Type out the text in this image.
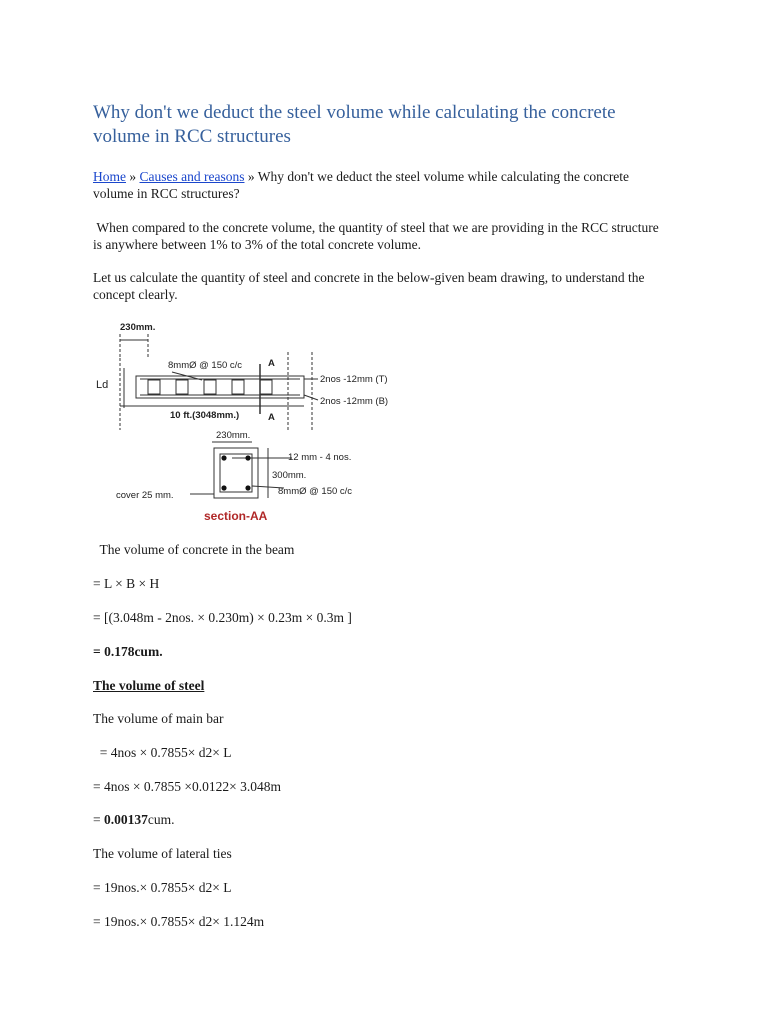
Why don't we deduct the steel volume while calculating the concrete volume in RCC structures

Home » Causes and reasons » Why don't we deduct the steel volume while calculating the concrete volume in RCC structures?

When compared to the concrete volume, the quantity of steel that we are providing in the RCC structure is anywhere between 1% to 3% of the total concrete volume.

Let us calculate the quantity of steel and concrete in the below-given beam drawing, to understand the concept clearly.

The volume of concrete in the beam

= L × B × H

= [(3.048m - 2nos. × 0.230m) × 0.23m × 0.3m ]

= 0.178cum.

The volume of steel

The volume of main bar

= 4nos × 0.7855× d2× L

= 4nos × 0.7855 ×0.0122× 3.048m

= 0.00137cum.

The volume of lateral ties

= 19nos.× 0.7855× d2× L

= 19nos.× 0.7855× d2× 1.124m

230mm.
8mmØ @ 150 c/c	A
A
Ld	2nos -12mm (T)
2nos -12mm (B)
10 ft.(3048mm.)
230mm.
12 mm - 4 nos.
300mm.
8mmØ @ 150 c/c
cover 25 mm.
section-AA
